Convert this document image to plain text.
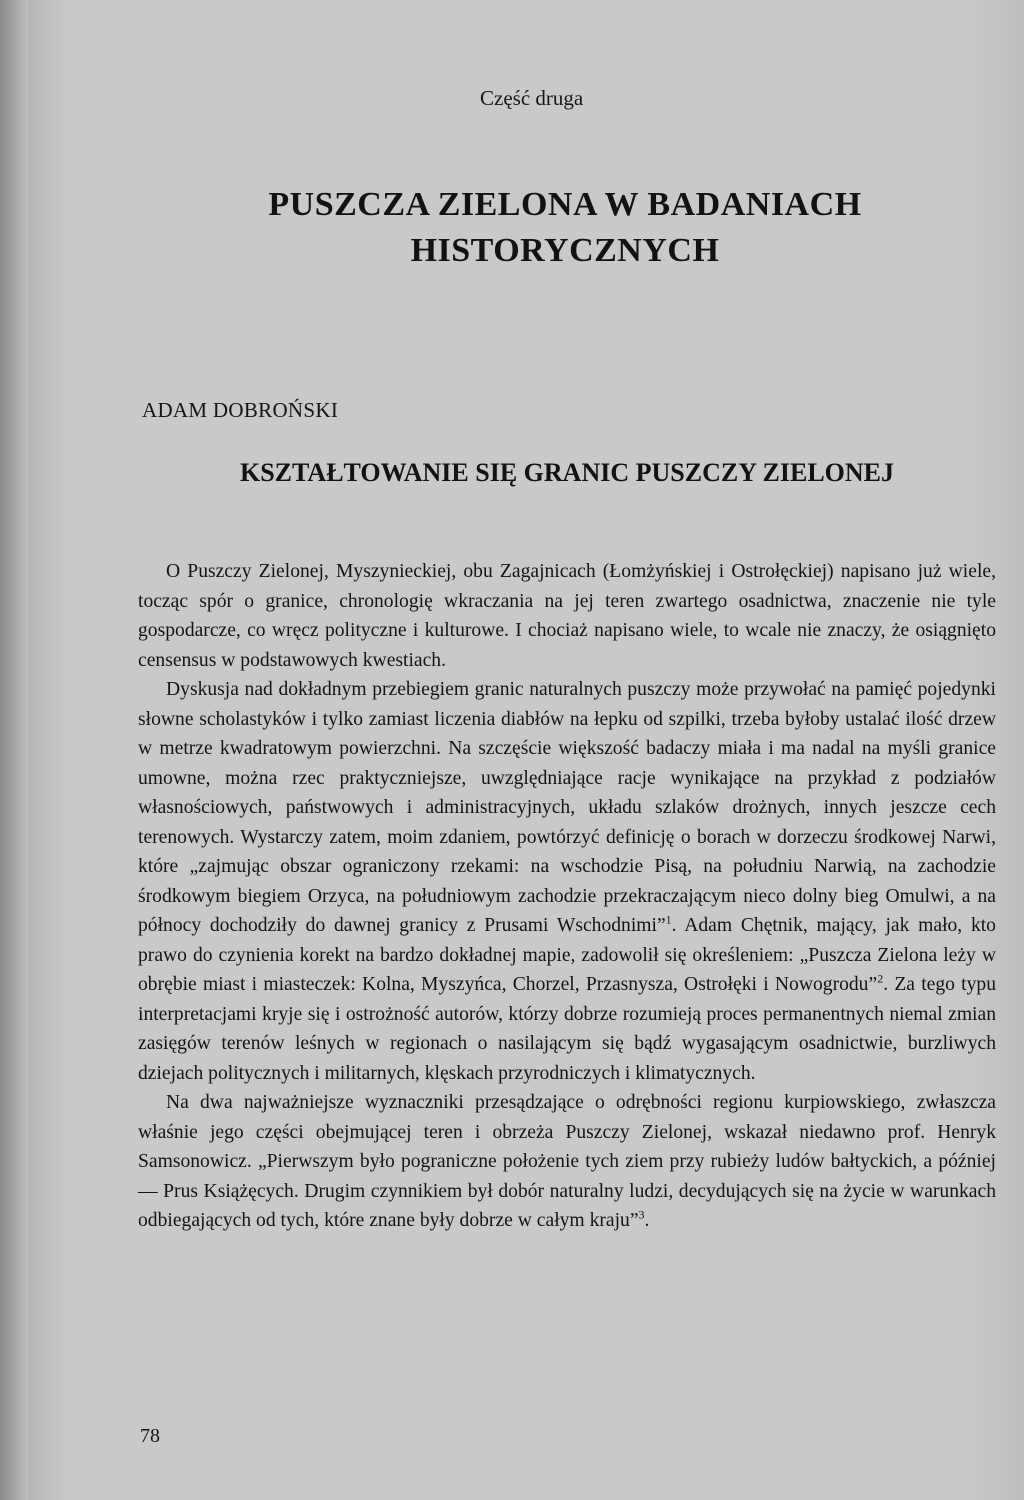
Część druga
PUSZCZA ZIELONA W BADANIACH
HISTORYCZNYCH
ADAM DOBROŃSKI
KSZTAŁTOWANIE SIĘ GRANIC PUSZCZY ZIELONEJ

O Puszczy Zielonej, Myszynieckiej, obu Zagajnicach (Łomżyńskiej i Ostrołęckiej) napisano już wiele, tocząc spór o granice, chronologię wkraczania na jej teren zwartego osadnictwa, znaczenie nie tyle gospodarcze, co wręcz polityczne i kulturowe. I chociaż napisano wiele, to wcale nie znaczy, że osiągnięto censensus w podstawowych kwestiach.

Dyskusja nad dokładnym przebiegiem granic naturalnych puszczy może przywołać na pamięć pojedynki słowne scholastyków i tylko zamiast liczenia diabłów na łepku od szpilki, trzeba byłoby ustalać ilość drzew w metrze kwadratowym powierzchni. Na szczęście większość badaczy miała i ma nadal na myśli granice umowne, można rzec praktyczniejsze, uwzględniające racje wynikające na przykład z podziałów własnościowych, państwowych i administracyjnych, układu szlaków drożnych, innych jeszcze cech terenowych. Wystarczy zatem, moim zdaniem, powtórzyć definicję o borach w dorzeczu środkowej Narwi, które „zajmując obszar ograniczony rzekami: na wschodzie Pisą, na południu Narwią, na zachodzie środkowym biegiem Orzyca, na południowym zachodzie przekraczającym nieco dolny bieg Omulwi, a na północy dochodziły do dawnej granicy z Prusami Wschodnimi”$^1$. Adam Chętnik, mający, jak mało, kto prawo do czynienia korekt na bardzo dokładnej mapie, zadowolił się określeniem: „Puszcza Zielona leży w obrębie miast i miasteczek: Kolna, Myszyńca, Chorzel, Przasnysza, Ostrołęki i Nowogrodu”$^2$. Za tego typu interpretacjami kryje się i ostrożność autorów, którzy dobrze rozumieją proces permanentnych niemal zmian zasięgów terenów leśnych w regionach o nasilającym się bądź wygasającym osadnictwie, burzliwych dziejach politycznych i militarnych, klęskach przyrodniczych i klimatycznych.

Na dwa najważniejsze wyznaczniki przesądzające o odrębności regionu kurpiowskiego, zwłaszcza właśnie jego części obejmującej teren i obrzeża Puszczy Zielonej, wskazał niedawno prof. Henryk Samsonowicz. „Pierwszym było pograniczne położenie tych ziem przy rubieży ludów bałtyckich, a później — Prus Książęcych. Drugim czynnikiem był dobór naturalny ludzi, decydujących się na życie w warunkach odbiegających od tych, które znane były dobrze w całym kraju”$^3$.

78
